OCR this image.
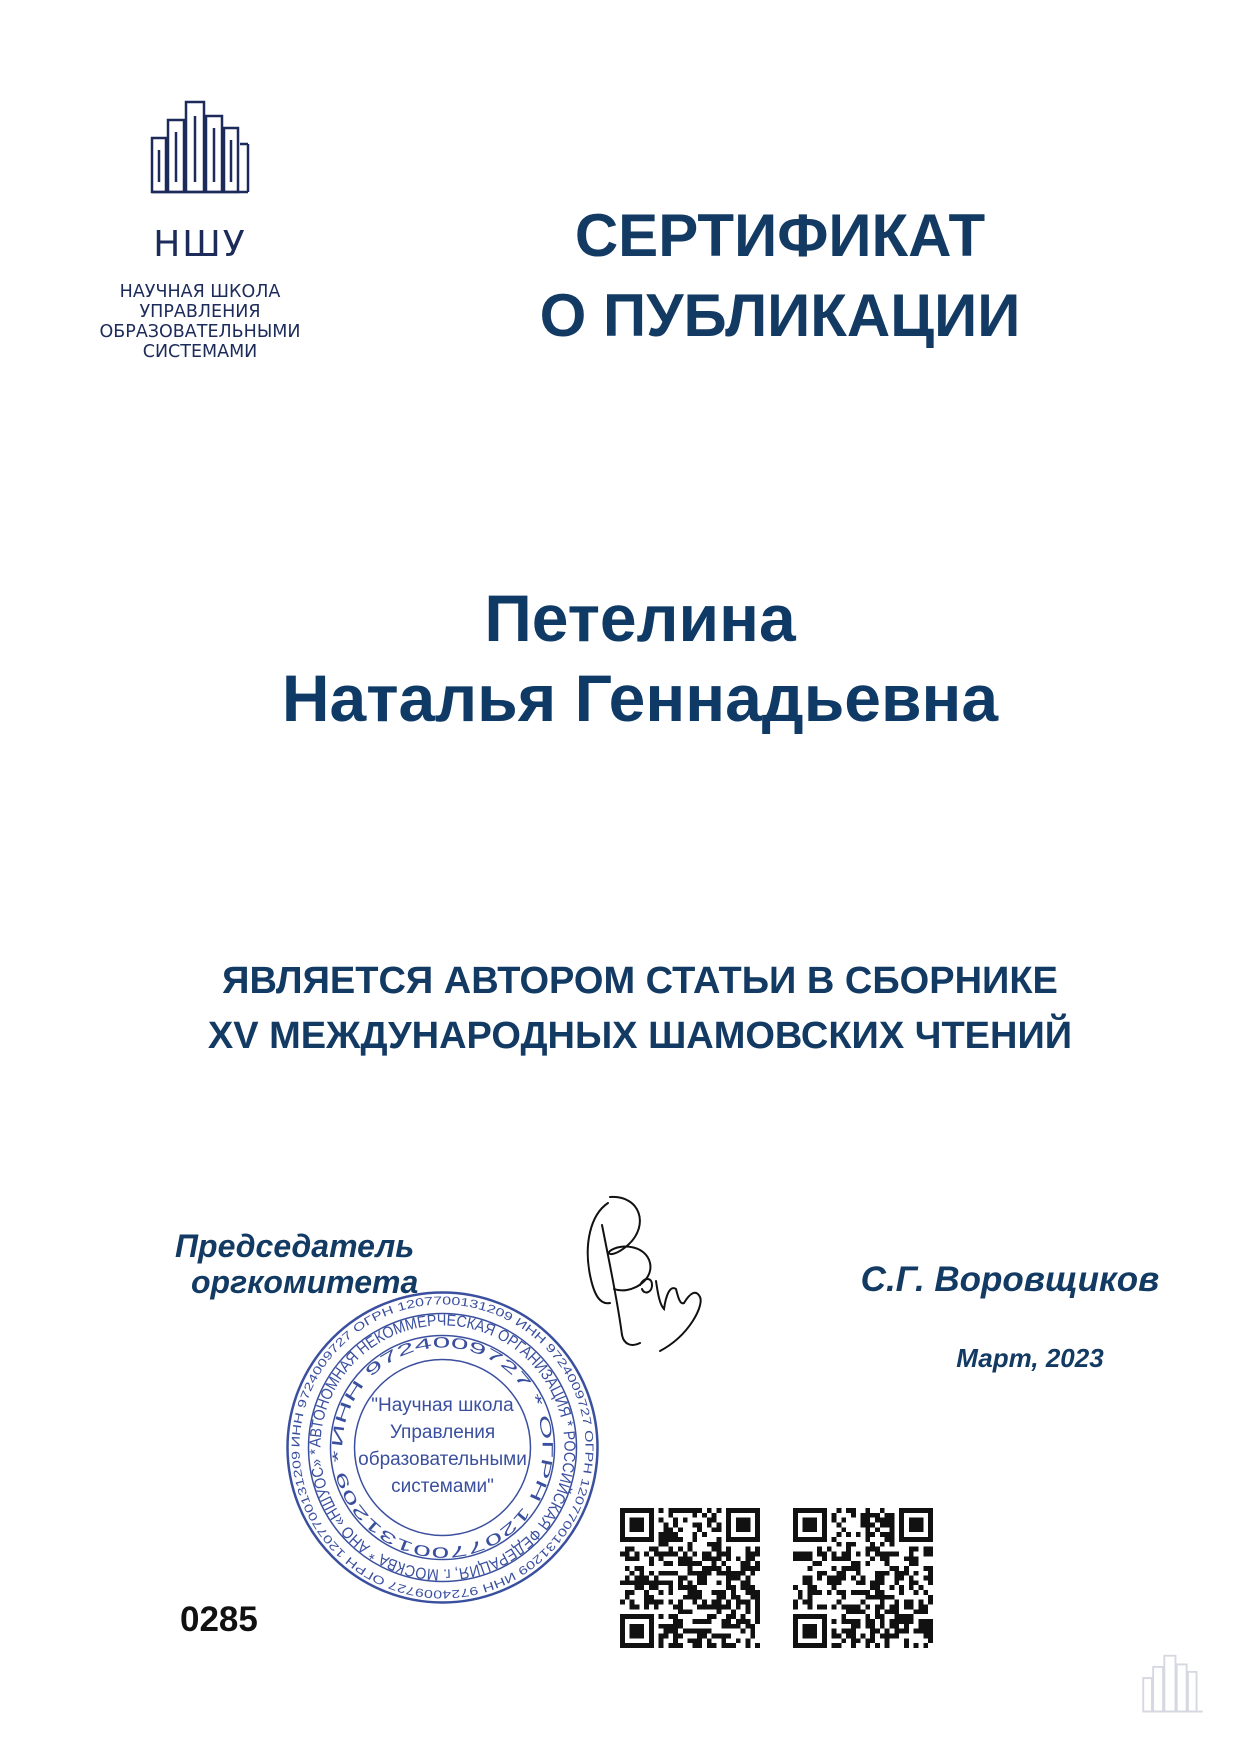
НШУ
НАУЧНАЯ ШКОЛА
УПРАВЛЕНИЯ
ОБРАЗОВАТЕЛЬНЫМИ
СИСТЕМАМИ
СЕРТИФИКАТ
О ПУБЛИКАЦИИ
Петелина
Наталья Геннадьевна
ЯВЛЯЕТСЯ АВТОРОМ СТАТЬИ В СБОРНИКЕ
XV МЕЖДУНАРОДНЫХ ШАМОВСКИХ ЧТЕНИЙ
Председатель
оргкомитета	С.Г. Воровщиков
Март, 2023
ИНН 9724009727 ОГРН 1207700131209 ИНН 9724009727 ОГРН 1207700131209 ИНН 9724009727 ОГРН 1207700131209
АВТОНОМНАЯ НЕКОММЕРЧЕСКАЯ ОРГАНИЗАЦИЯ * РОССИЙСКАЯ ФЕДЕРАЦИЯ, г. МОСКВА * АНО «НШУОС» *
ИНН 9724009727 * ОГРН 1207700131209 *
"Научная школа
Управления
образовательными
системами"
0285
